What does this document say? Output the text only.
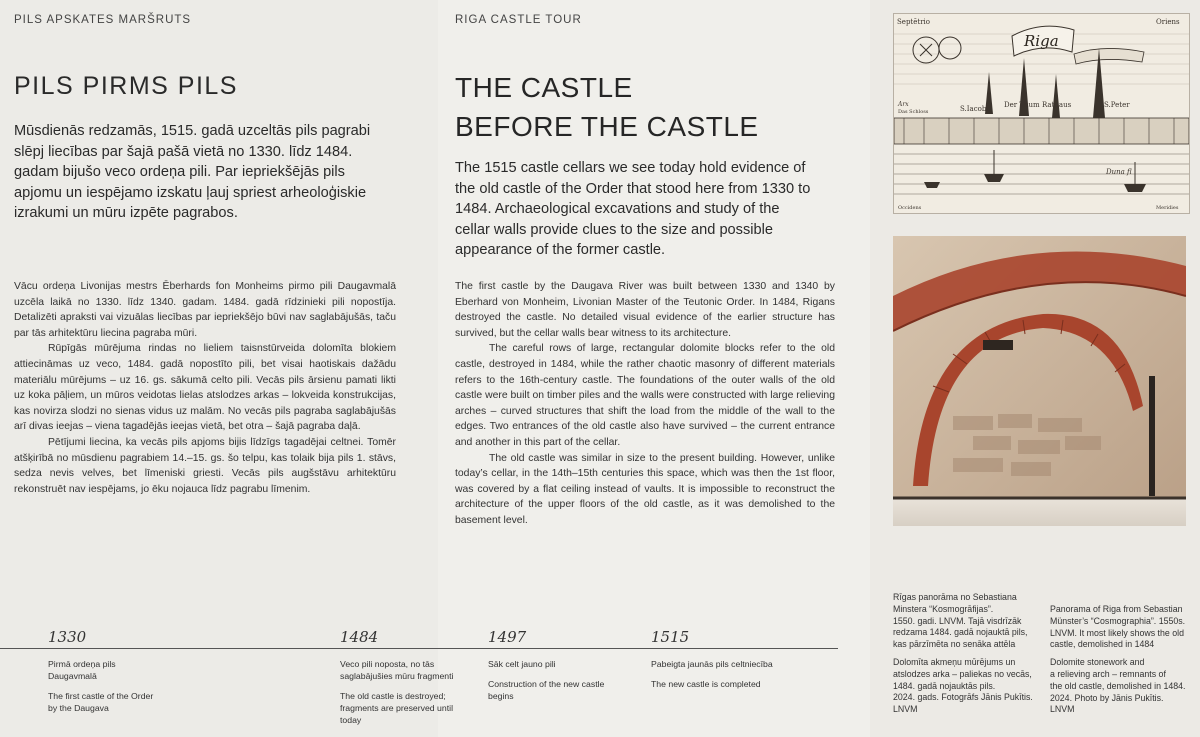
PILS APSKATES MARŠRUTS	RIGA CASTLE TOUR
PILS PIRMS PILS	THE CASTLE
BEFORE THE CASTLE

Mūsdienās redzamās, 1515. gadā uzceltās pils pagrabi slēpj liecības par šajā pašā vietā no 1330. līdz 1484. gadam bijušo veco ordeņa pili. Par iepriekšējās pils apjomu un iespējamo izskatu ļauj spriest arheoloģiskie izrakumi un mūru izpēte pagrabos.

The 1515 castle cellars we see today hold evidence of the old castle of the Order that stood here from 1330 to 1484. Archaeological excavations and study of the cellar walls provide clues to the size and possible appearance of the former castle.

Vācu ordeņa Livonijas mestrs Ēberhards fon Monheims pirmo pili Daugavmalā uzcēla laikā no 1330. līdz 1340. gadam. 1484. gadā rīdzinieki pili nopostīja. Detalizēti apraksti vai vizuālas liecības par iepriekšējo būvi nav saglabājušās, taču par tās arhitektūru liecina pagraba mūri.

Rūpīgās mūrējuma rindas no lieliem taisnstūrveida dolomīta blokiem attiecināmas uz veco, 1484. gadā nopostīto pili, bet visai haotiskais dažādu materiālu mūrējums – uz 16. gs. sākumā celto pili. Vecās pils ārsienu pamati likti uz koka pāļiem, un mūros veidotas lielas atslodzes arkas – lokveida konstrukcijas, kas novirza slodzi no sienas vidus uz malām. No vecās pils pagraba saglabājušās arī divas ieejas – viena tagadējās ieejas vietā, bet otra – šajā pagraba daļā.

Pētījumi liecina, ka vecās pils apjoms bijis līdzīgs tagadējai celtnei. Tomēr atšķirībā no mūsdienu pagrabiem 14.–15. gs. šo telpu, kas tolaik bija pils 1. stāvs, sedza nevis velves, bet līmeniski griesti. Vecās pils augšstāvu arhitektūru rekonstruēt nav iespējams, jo ēku nojauca līdz pagrabu līmenim.

The first castle by the Daugava River was built between 1330 and 1340 by Eberhard von Monheim, Livonian Master of the Teutonic Order. In 1484, Rigans destroyed the castle. No detailed visual evidence of the earlier structure has survived, but the cellar walls bear witness to its architecture.

The careful rows of large, rectangular dolomite blocks refer to the old castle, destroyed in 1484, while the rather chaotic masonry of different materials refers to the 16th-century castle. The foundations of the outer walls of the old castle were built on timber piles and the walls were constructed with large relieving arches – curved structures that shift the load from the middle of the wall to the edges. Two entrances of the old castle also have survived – the current entrance and another in this part of the cellar.

The old castle was similar in size to the present building. However, unlike today’s cellar, in the 14th–15th centuries this space, which was then the 1st floor, was covered by a flat ceiling instead of vaults. It is impossible to reconstruct the architecture of the upper floors of the old castle, as it was demolished to the basement level.

1330
Pirmā ordeņa pils
Daugavmalā
The first castle of the Order
by the Daugava
1484
Veco pili noposta, no tās
saglabājušies mūru fragmenti
The old castle is destroyed;
fragments are preserved until
today
1497
Sāk celt jauno pili
Construction of the new castle
begins
1515
Pabeigta jaunās pils celtniecība
The new castle is completed
Riga
Septētrio	Oriens
Arx
Das Schloss	S.Iacob	Der Thum Rathaus	S.Peter
Duna fl
Occidens	Meridies
Rīgas panorāma no Sebastiana
Minstera “Kosmogrāfijas”.
1550. gadi. LNVM. Tajā visdrīzāk
redzama 1484. gadā nojauktā pils,
kas pārzīmēta no senāka attēla
Dolomīta akmeņu mūrējums un
atslodzes arka – paliekas no vecās,
1484. gadā nojauktās pils.
2024. gads. Fotogrāfs Jānis Pukītis.
LNVM
Panorama of Riga from Sebastian
Münster’s “Cosmographia”. 1550s.
LNVM. It most likely shows the old
castle, demolished in 1484
Dolomite stonework and
a relieving arch – remnants of
the old castle, demolished in 1484.
2024. Photo by Jānis Pukītis.
LNVM
